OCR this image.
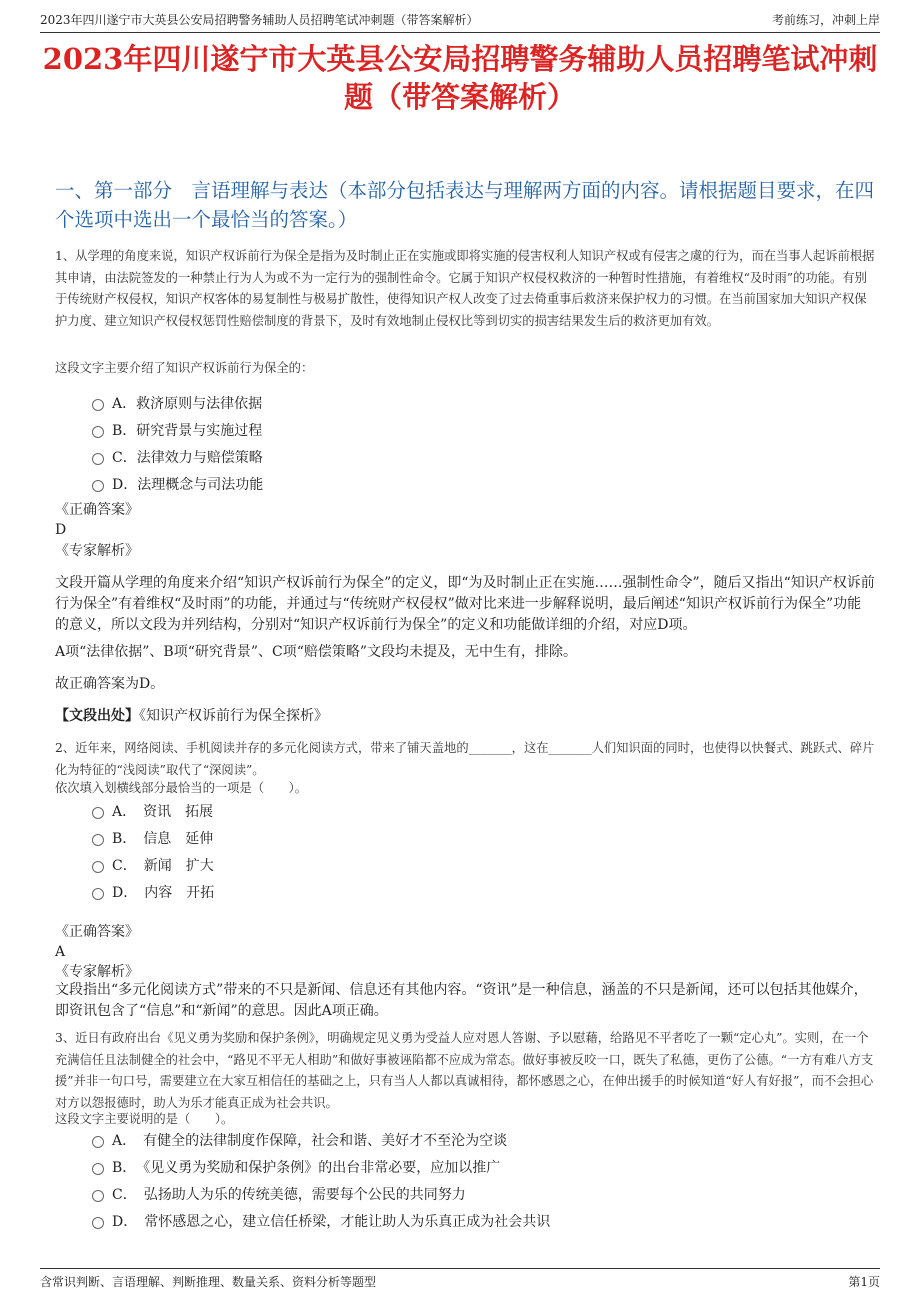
2023年四川遂宁市大英县公安局招聘警务辅助人员招聘笔试冲刺题（带答案解析）	考前练习，冲刺上岸
2023年四川遂宁市大英县公安局招聘警务辅助人员招聘笔试冲刺题（带答案解析）
一、第一部分　言语理解与表达（本部分包括表达与理解两方面的内容。请根据题目要求，在四个选项中选出一个最恰当的答案。）

1、从学理的角度来说，知识产权诉前行为保全是指为及时制止正在实施或即将实施的侵害权利人知识产权或有侵害之虞的行为，而在当事人起诉前根据其申请，由法院签发的一种禁止行为人为或不为一定行为的强制性命令。它属于知识产权侵权救济的一种暂时性措施，有着维权“及时雨”的功能。有别于传统财产权侵权，知识产权客体的易复制性与极易扩散性，使得知识产权人改变了过去倚重事后救济来保护权力的习惯。在当前国家加大知识产权保护力度、建立知识产权侵权惩罚性赔偿制度的背景下，及时有效地制止侵权比等到切实的损害结果发生后的救济更加有效。

这段文字主要介绍了知识产权诉前行为保全的：

A．救济原则与法律依据
B．研究背景与实施过程
C．法律效力与赔偿策略
D．法理概念与司法功能

《正确答案》

D

《专家解析》

文段开篇从学理的角度来介绍“知识产权诉前行为保全”的定义，即“为及时制止正在实施……强制性命令”，随后又指出“知识产权诉前行为保全”有着维权“及时雨”的功能，并通过与“传统财产权侵权”做对比来进一步解释说明，最后阐述“知识产权诉前行为保全”功能的意义，所以文段为并列结构，分别对“知识产权诉前行为保全”的定义和功能做详细的介绍，对应D项。

A项“法律依据”、B项“研究背景”、C项“赔偿策略”文段均未提及，无中生有，排除。

故正确答案为D。

【文段出处】《知识产权诉前行为保全探析》

2、近年来，网络阅读、手机阅读并存的多元化阅读方式，带来了铺天盖地的_______，这在_______人们知识面的同时，也使得以快餐式、跳跃式、碎片化为特征的“浅阅读”取代了“深阅读”。

依次填入划横线部分最恰当的一项是（　　）。

A．　资讯　拓展
B．　信息　延伸
C．　新闻　扩大
D．　内容　开拓

《正确答案》

A

《专家解析》

文段指出“多元化阅读方式”带来的不只是新闻、信息还有其他内容。“资讯”是一种信息，涵盖的不只是新闻，还可以包括其他媒介，即资讯包含了“信息”和“新闻”的意思。因此A项正确。

3、近日有政府出台《见义勇为奖励和保护条例》，明确规定见义勇为受益人应对恩人答谢、予以慰藉，给路见不平者吃了一颗“定心丸”。实则，在一个充满信任且法制健全的社会中，“路见不平无人相助”和做好事被诬陷都不应成为常态。做好事被反咬一口，既失了私德，更伤了公德。“一方有难八方支援”并非一句口号，需要建立在大家互相信任的基础之上，只有当人人都以真诚相待，都怀感恩之心，在伸出援手的时候知道“好人有好报”，而不会担心对方以怨报德时，助人为乐才能真正成为社会共识。

这段文字主要说明的是（　　）。

A．　有健全的法律制度作保障，社会和谐、美好才不至沦为空谈
B．　《见义勇为奖励和保护条例》的出台非常必要，应加以推广
C．　弘扬助人为乐的传统美德，需要每个公民的共同努力
D．　常怀感恩之心，建立信任桥梁，才能让助人为乐真正成为社会共识
含常识判断、言语理解、判断推理、数量关系、资料分析等题型	第1页
